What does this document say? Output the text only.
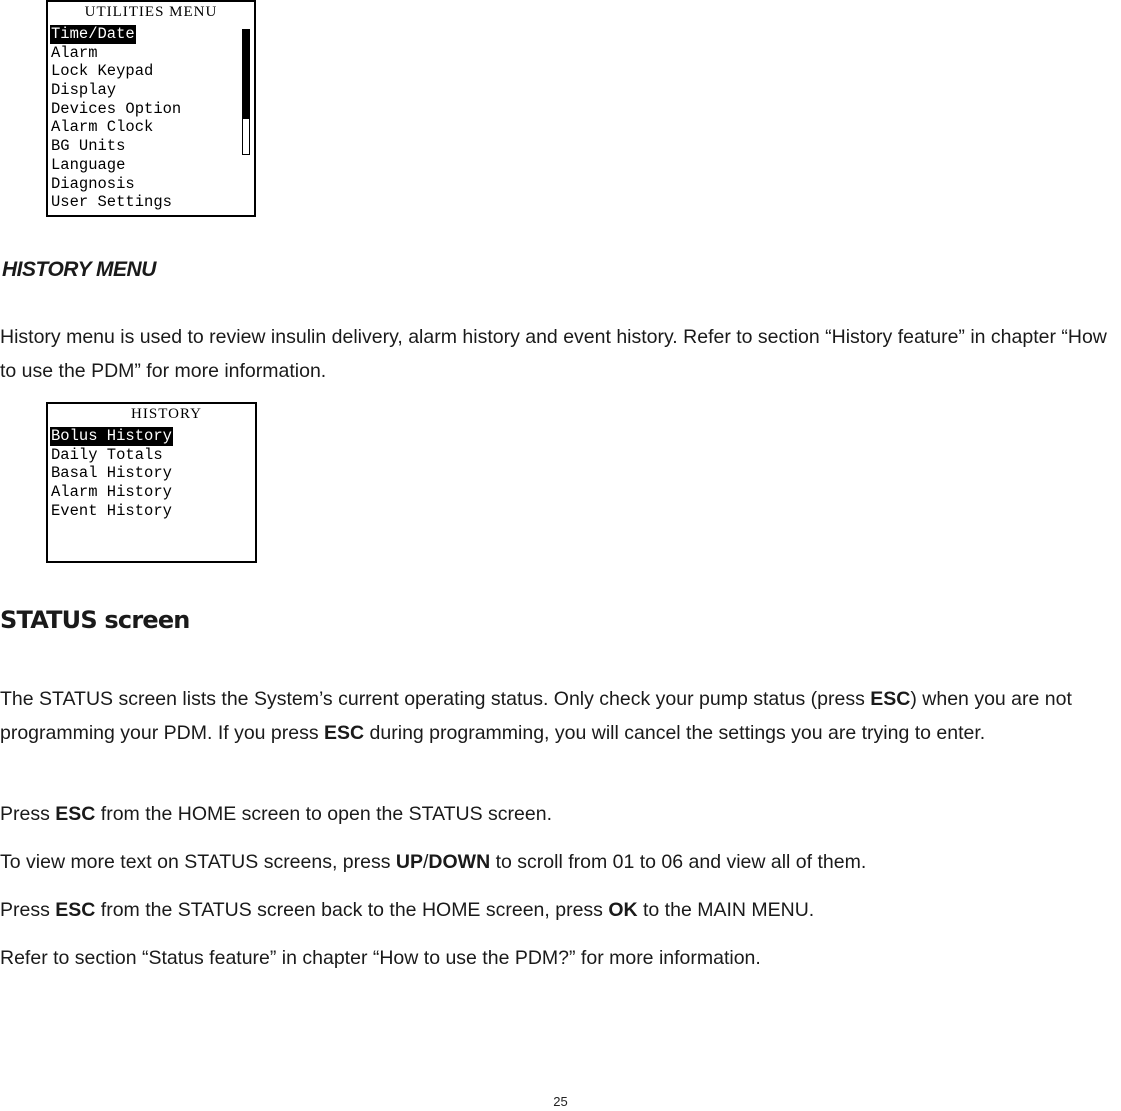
UTILITIES MENU
Time/Date
Alarm
Lock Keypad
Display
Devices Option
Alarm Clock
BG Units
Language
Diagnosis
User Settings
HISTORY MENU

History menu is used to review insulin delivery, alarm history and event history. Refer to section “History feature” in chapter “How to use the PDM” for more information.

HISTORY
Bolus History
Daily Totals
Basal History
Alarm History
Event History
STATUS screen

The STATUS screen lists the System’s current operating status. Only check your pump status (press ESC) when you are not programming your PDM. If you press ESC during programming, you will cancel the settings you are trying to enter.

Press ESC from the HOME screen to open the STATUS screen.

To view more text on STATUS screens, press UP/DOWN to scroll from 01 to 06 and view all of them.

Press ESC from the STATUS screen back to the HOME screen, press OK to the MAIN MENU.

Refer to section “Status feature” in chapter “How to use the PDM?” for more information.

25
